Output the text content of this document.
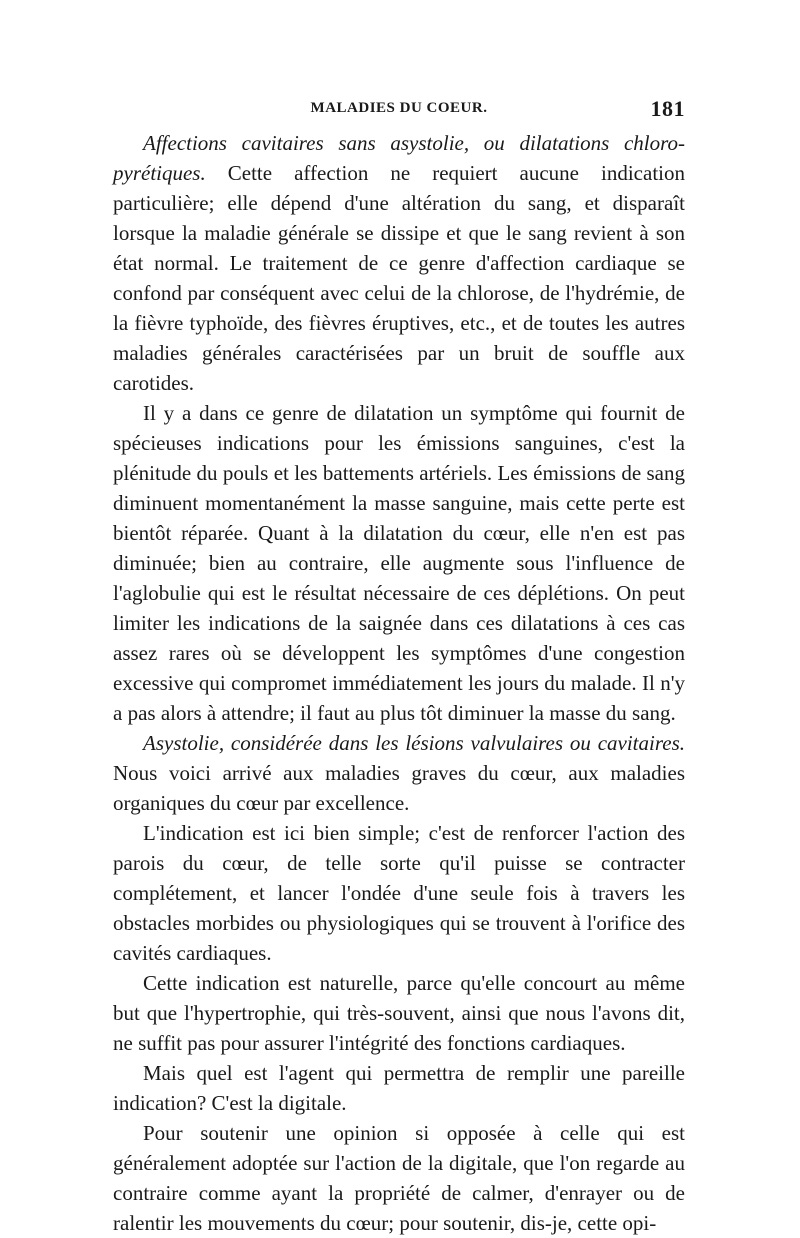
MALADIES DU COEUR.	181

Affections cavitaires sans asystolie, ou dilatations chloro-pyrétiques. Cette affection ne requiert aucune indication particulière; elle dépend d'une altération du sang, et disparaît lorsque la maladie générale se dissipe et que le sang revient à son état normal. Le traitement de ce genre d'affection cardiaque se confond par conséquent avec celui de la chlorose, de l'hydrémie, de la fièvre typhoïde, des fièvres éruptives, etc., et de toutes les autres maladies générales caractérisées par un bruit de souffle aux carotides.

Il y a dans ce genre de dilatation un symptôme qui fournit de spécieuses indications pour les émissions sanguines, c'est la plénitude du pouls et les battements artériels. Les émissions de sang diminuent momentanément la masse sanguine, mais cette perte est bientôt réparée. Quant à la dilatation du cœur, elle n'en est pas diminuée; bien au contraire, elle augmente sous l'influence de l'aglobulie qui est le résultat nécessaire de ces déplétions. On peut limiter les indications de la saignée dans ces dilatations à ces cas assez rares où se développent les symptômes d'une congestion excessive qui compromet immédiatement les jours du malade. Il n'y a pas alors à attendre; il faut au plus tôt diminuer la masse du sang.

Asystolie, considérée dans les lésions valvulaires ou cavitaires. Nous voici arrivé aux maladies graves du cœur, aux maladies organiques du cœur par excellence.

L'indication est ici bien simple; c'est de renforcer l'action des parois du cœur, de telle sorte qu'il puisse se contracter complétement, et lancer l'ondée d'une seule fois à travers les obstacles morbides ou physiologiques qui se trouvent à l'orifice des cavités cardiaques.

Cette indication est naturelle, parce qu'elle concourt au même but que l'hypertrophie, qui très-souvent, ainsi que nous l'avons dit, ne suffit pas pour assurer l'intégrité des fonctions cardiaques.

Mais quel est l'agent qui permettra de remplir une pareille indication? C'est la digitale.

Pour soutenir une opinion si opposée à celle qui est généralement adoptée sur l'action de la digitale, que l'on regarde au contraire comme ayant la propriété de calmer, d'enrayer ou de ralentir les mouvements du cœur; pour soutenir, dis-je, cette opi-
